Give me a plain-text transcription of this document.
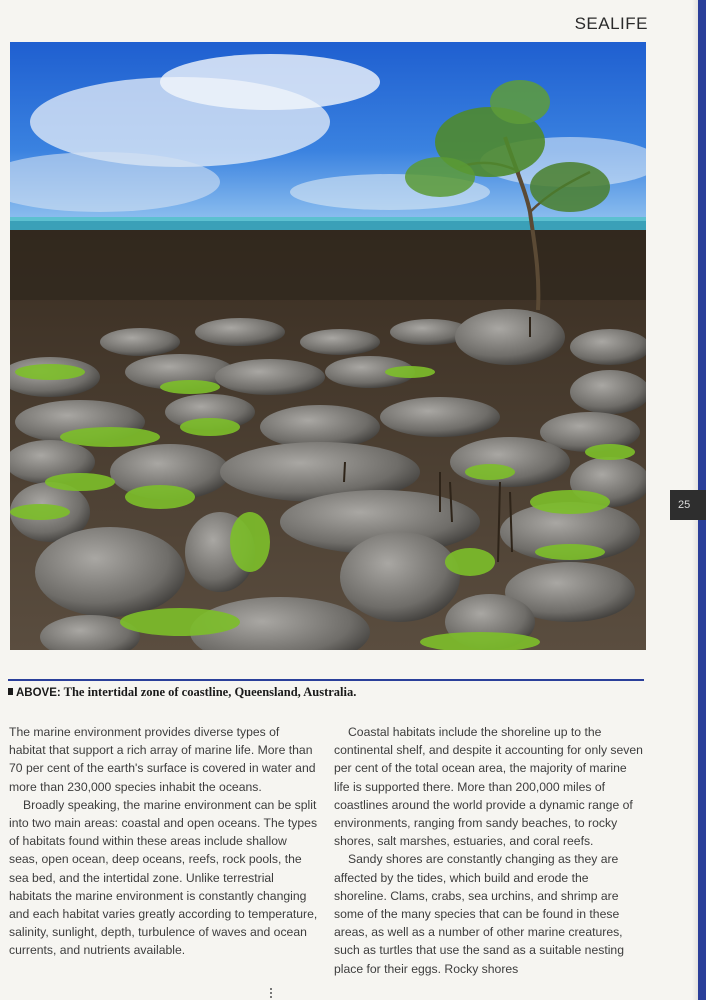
SEALIFE
25
ABOVE: The intertidal zone of coastline, Queensland, Australia.

The marine environment provides diverse types of habitat that support a rich array of marine life. More than 70 per cent of the earth's surface is covered in water and more than 230,000 species inhabit the oceans.

Broadly speaking, the marine environment can be split into two main areas: coastal and open oceans. The types of habitats found within these areas include shallow seas, open ocean, deep oceans, reefs, rock pools, the sea bed, and the intertidal zone. Unlike terrestrial habitats the marine environment is constantly changing and each habitat varies greatly according to temperature, salinity, sunlight, depth, turbulence of waves and ocean currents, and nutrients available.

Coastal habitats include the shoreline up to the continental shelf, and despite it accounting for only seven per cent of the total ocean area, the majority of marine life is supported there. More than 200,000 miles of coastlines around the world provide a dynamic range of environments, ranging from sandy beaches, to rocky shores, salt marshes, estuaries, and coral reefs.

Sandy shores are constantly changing as they are affected by the tides, which build and erode the shoreline. Clams, crabs, sea urchins, and shrimp are some of the many species that can be found in these areas, as well as a number of other marine creatures, such as turtles that use the sand as a suitable nesting place for their eggs. Rocky shores
